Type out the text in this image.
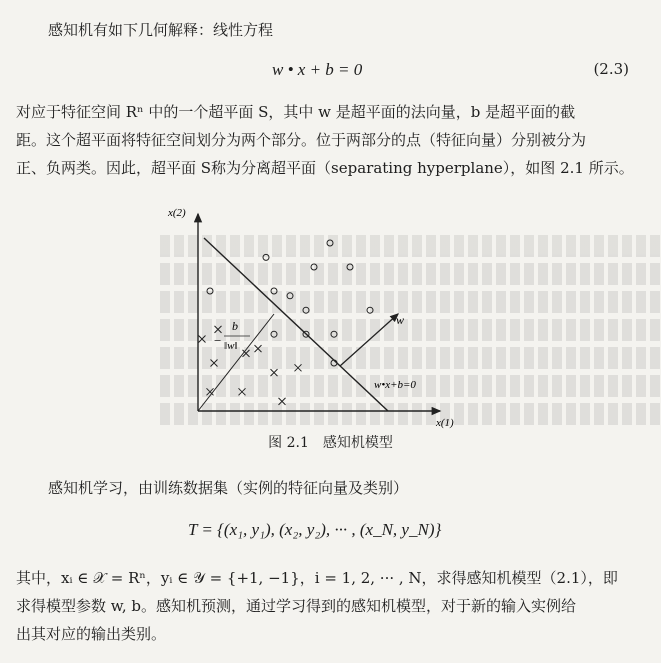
感知机有如下几何解释：线性方程
w • x + b = 0	(2.3)
对应于特征空间 Rⁿ 中的一个超平面 S，其中 w 是超平面的法向量，b 是超平面的截
距。这个超平面将特征空间划分为两个部分。位于两部分的点（特征向量）分别被分为
正、负两类。因此，超平面 S称为分离超平面（separating hyperplane），如图 2.1 所示。
x(2)
x(1)
w
w•x+b=0
−
b
‖w‖
图 2.1　感知机模型
感知机学习，由训练数据集（实例的特征向量及类别）
T = {(x₁, y₁), (x₂, y₂), ··· , (x_N, y_N)}
其中，xᵢ ∈ 𝒳 = Rⁿ，yᵢ ∈ 𝒴 = {+1, −1}，i = 1, 2, ··· , N，求得感知机模型（2.1），即
求得模型参数 w, b。感知机预测，通过学习得到的感知机模型，对于新的输入实例给
出其对应的输出类别。
